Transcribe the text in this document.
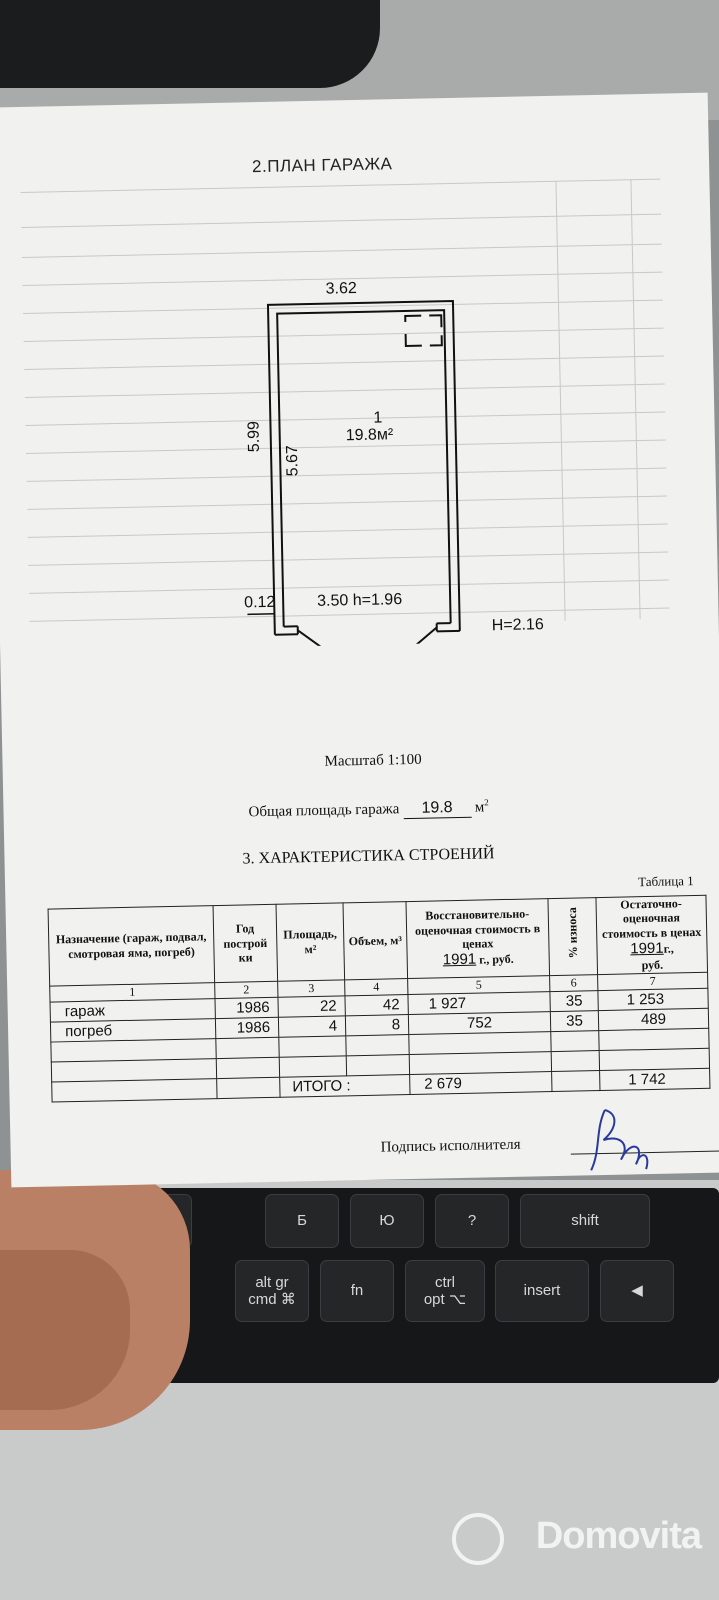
Б	Ю	?	shift
alt gr
cmd ⌘
fn
ctrl
opt ⌥
insert	◀
2.ПЛАН ГАРАЖА
3.62
5.99
5.67
1
19.8м²
0.12	3.50 h=1.96
H=2.16
Масштаб 1:100
Общая площадь гаража 19.8 $м^2$
3. ХАРАКТЕРИСТИКА СТРОЕНИЙ
Таблица 1
Назначение (гараж, подвал, смотровая яма, погреб)	Год построй ки	Площадь, м²	Объем, м³	Восстановительно-оценочная стоимость в ценах
1991 г., руб.	% износа	Остаточно-оценочная стоимость в ценах 1991г.,
руб.
1	2	3	4	5	6	7
гараж	1986	22	42	1 927	35	1 253
погреб	1986	4	8	752	35	489

		ИТОГО :		2 679		1 742
Подпись исполнителя
Domovita
